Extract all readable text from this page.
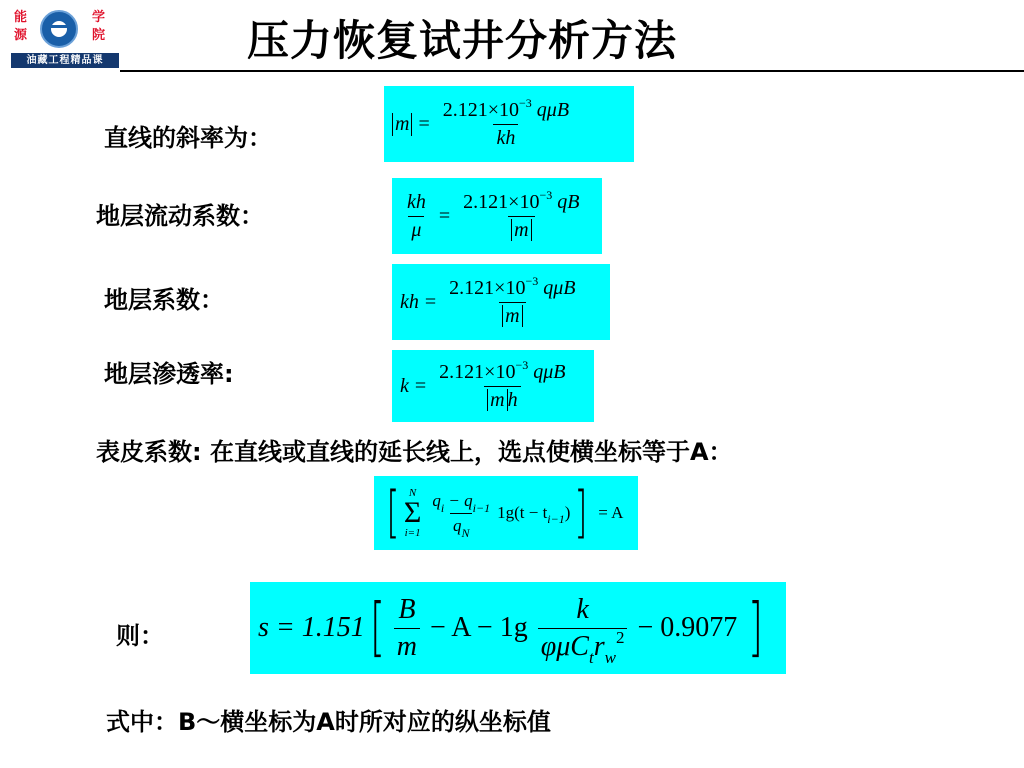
能
源
学
院
油藏工程精品课	压力恢复试井分析方法
直线的斜率为：
$m = \frac{2.121\times 10^{-3} q\mu B}{kh}$
地层流动系数：	$\frac{kh}{\mu} = \frac{2.121\times 10^{-3} qB}{m}$
地层系数：	kh = $\frac{2.121\times 10^{-3} q\mu B}{m}$
地层渗透率:	$k = \frac{2.121\times 10^{-3} q\mu B}{\text{m h}}$
表皮系数: 在直线或直线的延长线上，选点使横坐标等于A：
[ N
Σ
$i=1 \frac{q_i - q_{i-1}}{q_N} 1g(t - t$ i−1 ) ] = A
则：	s = 1.151 [ $\frac{B}{m} - A - 1g \frac{k}{\varphi\mu C_tr_w^2} - 0.9077$ ]
式中：B～横坐标为A时所对应的纵坐标值
